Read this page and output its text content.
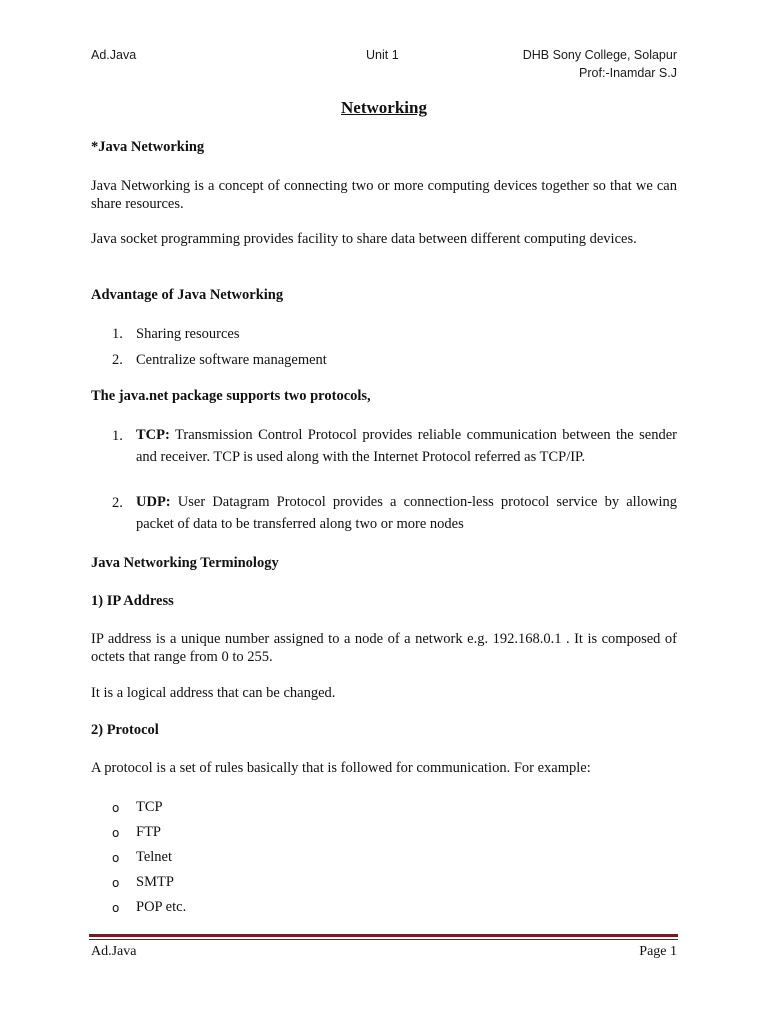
Ad.Java	Unit 1	DHB Sony College, Solapur
Prof:-Inamdar S.J
Networking
*Java Networking
Java Networking is a concept of connecting two or more computing devices together so that we can share resources.
Java socket programming provides facility to share data between different computing devices.
Advantage of Java Networking
1. Sharing resources
2. Centralize software management
The java.net package supports two protocols,
1. TCP: Transmission Control Protocol provides reliable communication between the sender and receiver. TCP is used along with the Internet Protocol referred as TCP/IP.
2. UDP: User Datagram Protocol provides a connection-less protocol service by allowing packet of data to be transferred along two or more nodes
Java Networking Terminology
1) IP Address
IP address is a unique number assigned to a node of a network e.g. 192.168.0.1 . It is composed of octets that range from 0 to 255.
It is a logical address that can be changed.
2) Protocol
A protocol is a set of rules basically that is followed for communication. For example:
o TCP
o FTP
o Telnet
o SMTP
o POP etc.
Ad.Java	Page 1
